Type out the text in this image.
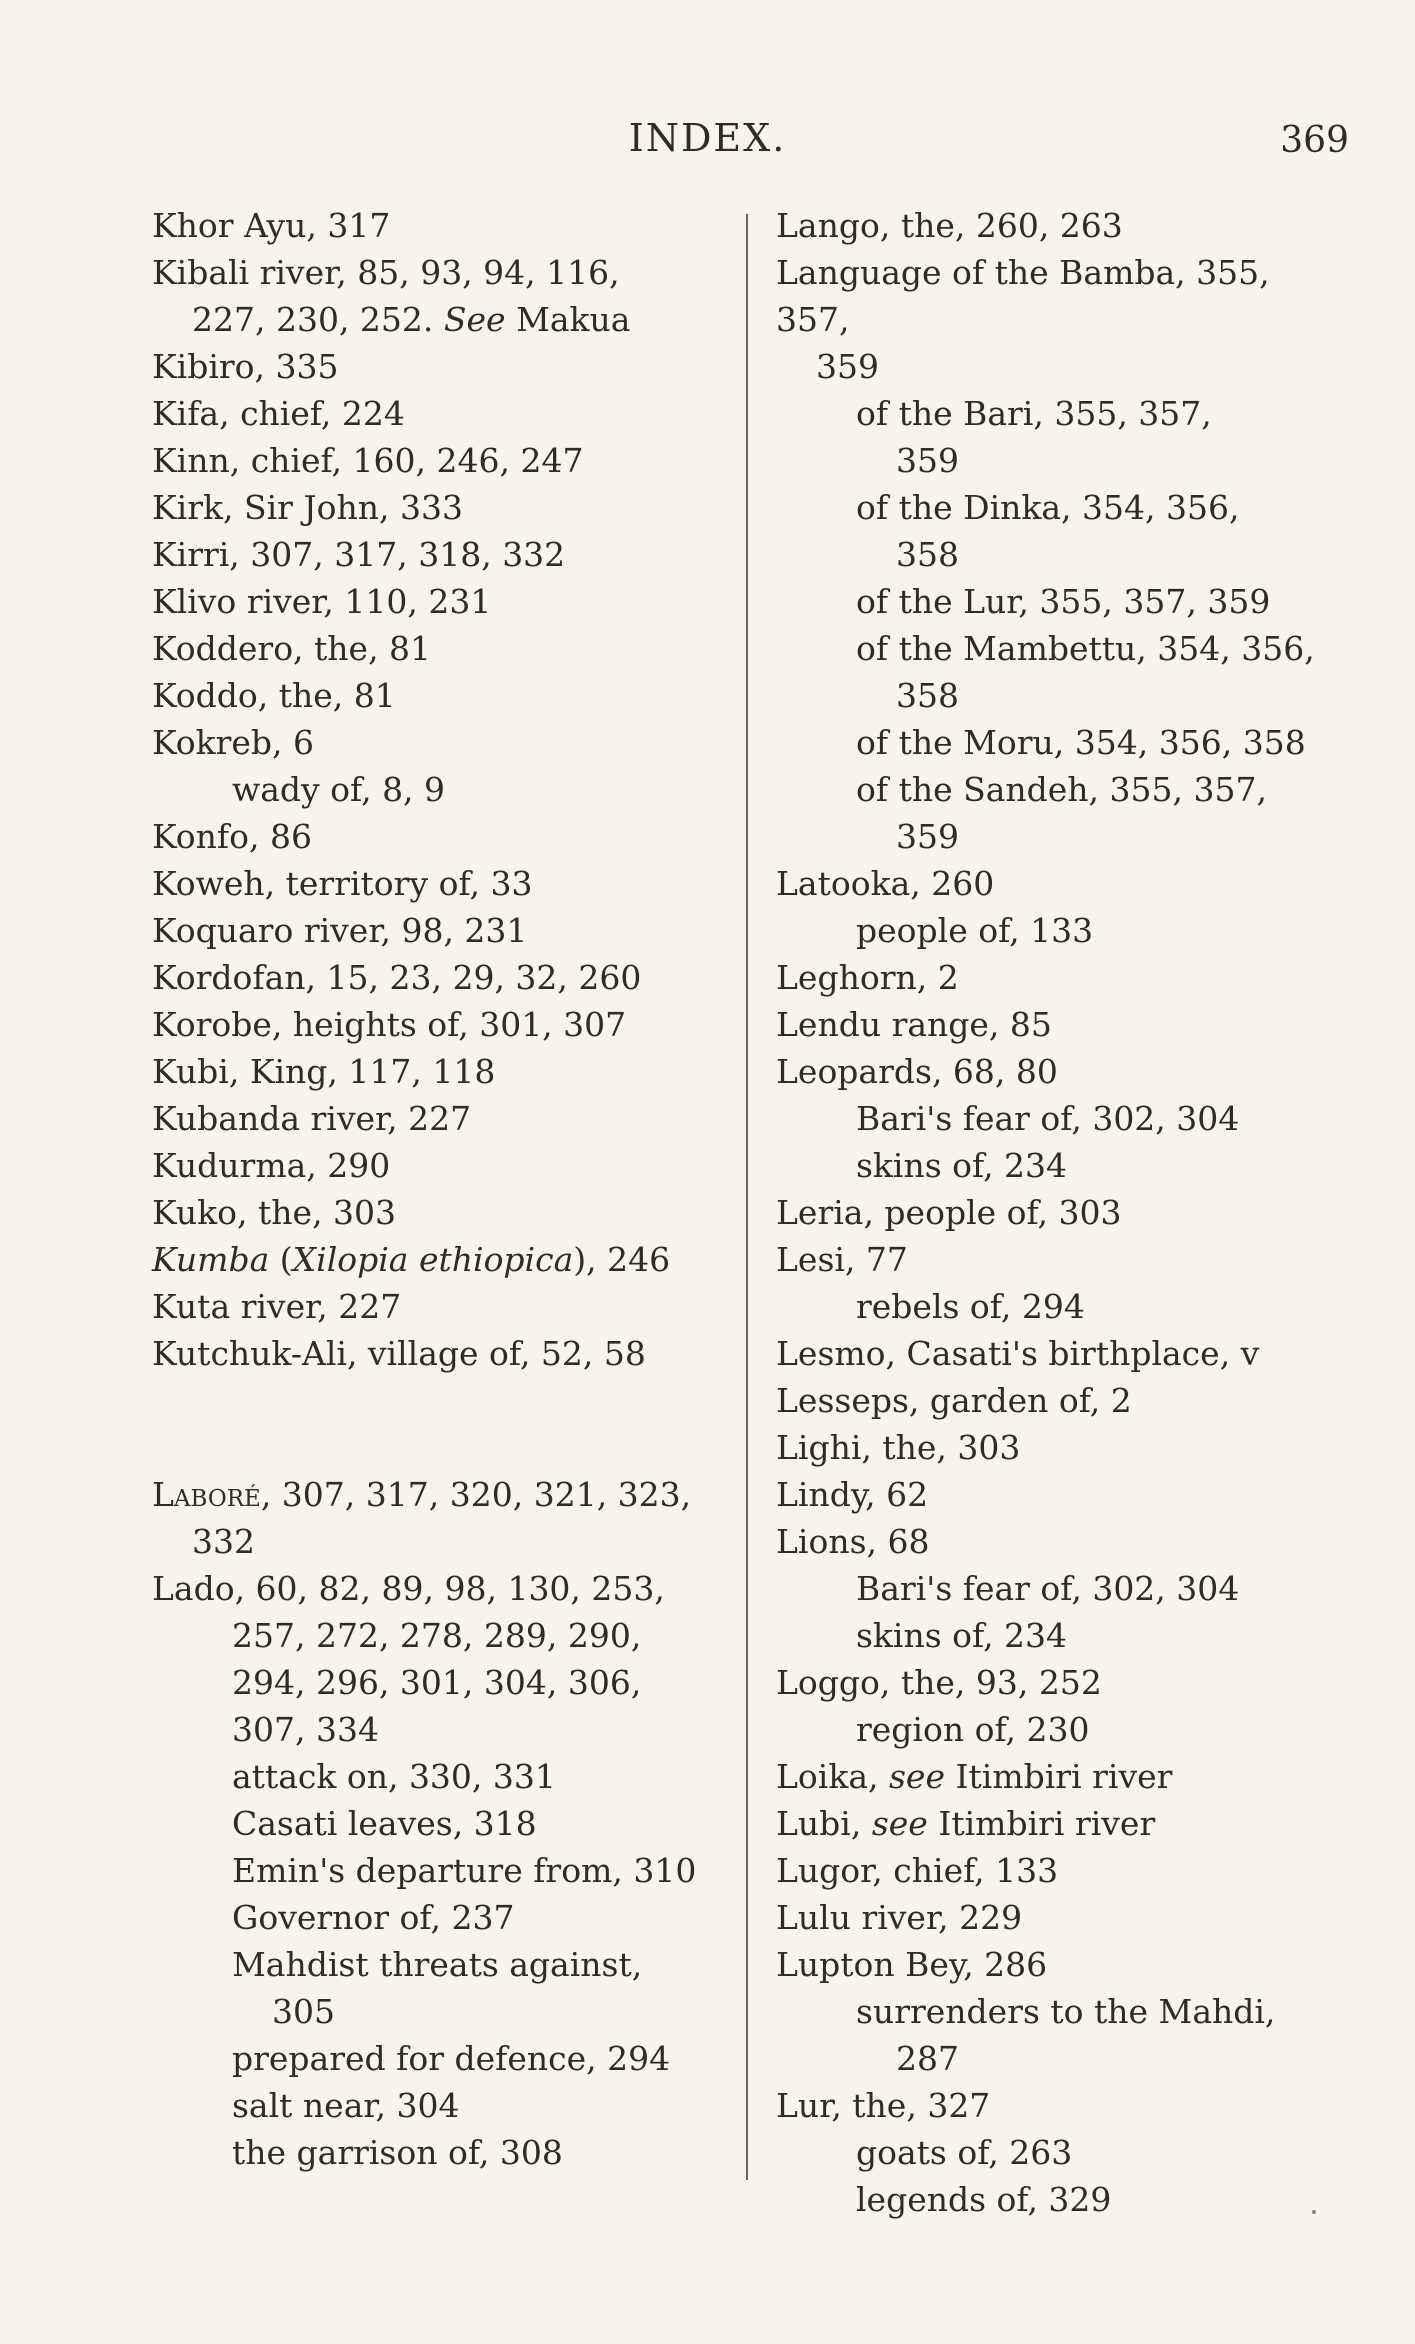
INDEX.	369
Khor Ayu, 317
Kibali river, 85, 93, 94, 116,
227, 230, 252. See Makua
Kibiro, 335
Kifa, chief, 224
Kinn, chief, 160, 246, 247
Kirk, Sir John, 333
Kirri, 307, 317, 318, 332
Klivo river, 110, 231
Koddero, the, 81
Koddo, the, 81
Kokreb, 6
wady of, 8, 9
Konfo, 86
Koweh, territory of, 33
Koquaro river, 98, 231
Kordofan, 15, 23, 29, 32, 260
Korobe, heights of, 301, 307
Kubi, King, 117, 118
Kubanda river, 227
Kudurma, 290
Kuko, the, 303
Kumba (Xilopia ethiopica), 246
Kuta river, 227
Kutchuk-Ali, village of, 52, 58
Laboré, 307, 317, 320, 321, 323,
332
Lado, 60, 82, 89, 98, 130, 253,
257, 272, 278, 289, 290,
294, 296, 301, 304, 306,
307, 334
attack on, 330, 331
Casati leaves, 318
Emin's departure from, 310
Governor of, 237
Mahdist threats against,
305
prepared for defence, 294
salt near, 304
the garrison of, 308
Lango, the, 260, 263
Language of the Bamba, 355, 357,
359
of the Bari, 355, 357,
359
of the Dinka, 354, 356,
358
of the Lur, 355, 357, 359
of the Mambettu, 354, 356,
358
of the Moru, 354, 356, 358
of the Sandeh, 355, 357,
359
Latooka, 260
people of, 133
Leghorn, 2
Lendu range, 85
Leopards, 68, 80
Bari's fear of, 302, 304
skins of, 234
Leria, people of, 303
Lesi, 77
rebels of, 294
Lesmo, Casati's birthplace, v
Lesseps, garden of, 2
Lighi, the, 303
Lindy, 62
Lions, 68
Bari's fear of, 302, 304
skins of, 234
Loggo, the, 93, 252
region of, 230
Loika, see Itimbiri river
Lubi, see Itimbiri river
Lugor, chief, 133
Lulu river, 229
Lupton Bey, 286
surrenders to the Mahdi,
287
Lur, the, 327
goats of, 263
legends of, 329
